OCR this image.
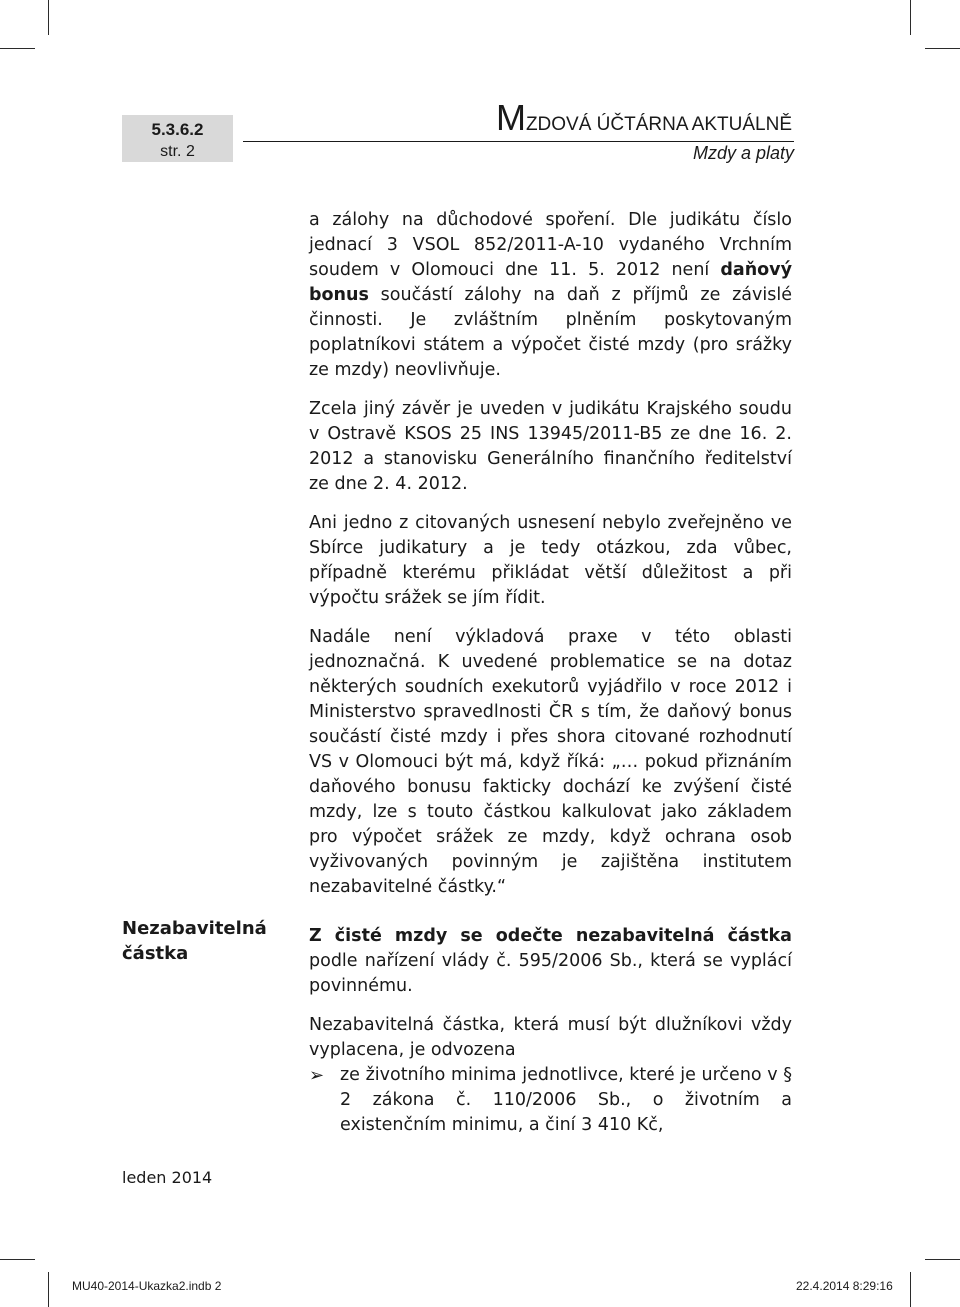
5.3.6.2
str. 2
MZDOVÁ ÚČTÁRNA AKTUÁLNĚ
Mzdy a platy
Nezabavitelná částka

a zálohy na důchodové spoření. Dle judikátu číslo jednací 3 VSOL 852/2011-A-10 vydaného Vrchním soudem v Olomouci dne 11. 5. 2012 není daňový bonus součástí zálohy na daň z příjmů ze závislé činnosti. Je zvláštním plněním poskytovaným poplatníkovi státem a výpočet čisté mzdy (pro srážky ze mzdy) neovlivňuje.

Zcela jiný závěr je uveden v judikátu Krajského soudu v Ostravě KSOS 25 INS 13945/2011-B5 ze dne 16. 2. 2012 a stanovisku Generálního finančního ředitelství ze dne 2. 4. 2012.

Ani jedno z citovaných usnesení nebylo zveřejněno ve Sbírce judikatury a je tedy otázkou, zda vůbec, případně kterému přikládat větší důležitost a při výpočtu srážek se jím řídit.

Nadále není výkladová praxe v této oblasti jednoznačná. K uvedené problematice se na dotaz některých soudních exekutorů vyjádřilo v roce 2012 i Ministerstvo spravedlnosti ČR s tím, že daňový bonus součástí čisté mzdy i přes shora citované rozhodnutí VS v Olomouci být má, když říká: „… pokud přiznáním daňového bonusu fakticky dochází ke zvýšení čisté mzdy, lze s touto částkou kalkulovat jako základem pro výpočet srážek ze mzdy, když ochrana osob vyživovaných povinným je zajištěna institutem nezabavitelné částky.“

Z čisté mzdy se odečte nezabavitelná částka podle nařízení vlády č. 595/2006 Sb., která se vyplácí povinnému.

Nezabavitelná částka, která musí být dlužníkovi vždy vyplacena, je odvozena

➢ ze životního minima jednotlivce, které je určeno v § 2 zákona č. 110/2006 Sb., o životním a existenčním minimu, a činí 3 410 Kč,
leden 2014
MU40-2014-Ukazka2.indb 2	22.4.2014 8:29:16
